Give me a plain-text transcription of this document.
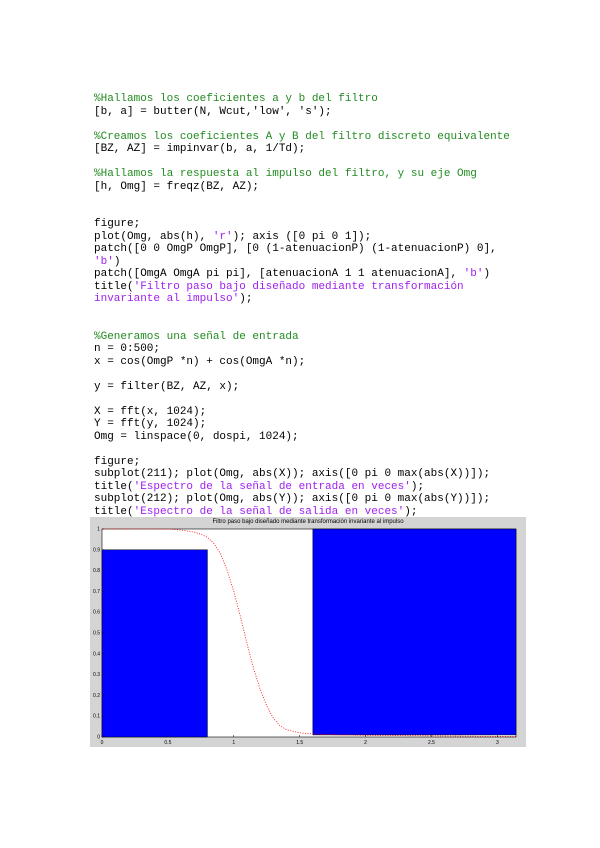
%Hallamos los coeficientes a y b del filtro
[b, a] = butter(N, Wcut,'low', 's');
%Creamos los coeficientes A y B del filtro discreto equivalente
[BZ, AZ] = impinvar(b, a, 1/Td);
%Hallamos la respuesta al impulso del filtro, y su eje Omg
[h, Omg] = freqz(BZ, AZ);
figure;
plot(Omg, abs(h), 'r'); axis ([0 pi 0 1]);
patch([0 0 OmgP OmgP], [0 (1-atenuacionP) (1-atenuacionP) 0],
'b')
patch([OmgA OmgA pi pi], [atenuacionA 1 1 atenuacionA], 'b')
title('Filtro paso bajo diseñado mediante transformación
invariante al impulso');
%Generamos una señal de entrada
n = 0:500;
x = cos(OmgP *n) + cos(OmgA *n);
y = filter(BZ, AZ, x);
X = fft(x, 1024);
Y = fft(y, 1024);
Omg = linspace(0, dospi, 1024);
figure;
subplot(211); plot(Omg, abs(X)); axis([0 pi 0 max(abs(X))]);
title('Espectro de la señal de entrada en veces');
subplot(212); plot(Omg, abs(Y)); axis([0 pi 0 max(abs(Y))]);
title('Espectro de la señal de salida en veces');
Filtro paso bajo diseñado mediante transformación invariante al impulso
0	0.5	1	1.5	2	2.5	3
0
0.1
0.2
0.3
0.4
0.5
0.6
0.7
0.8
0.9
1
